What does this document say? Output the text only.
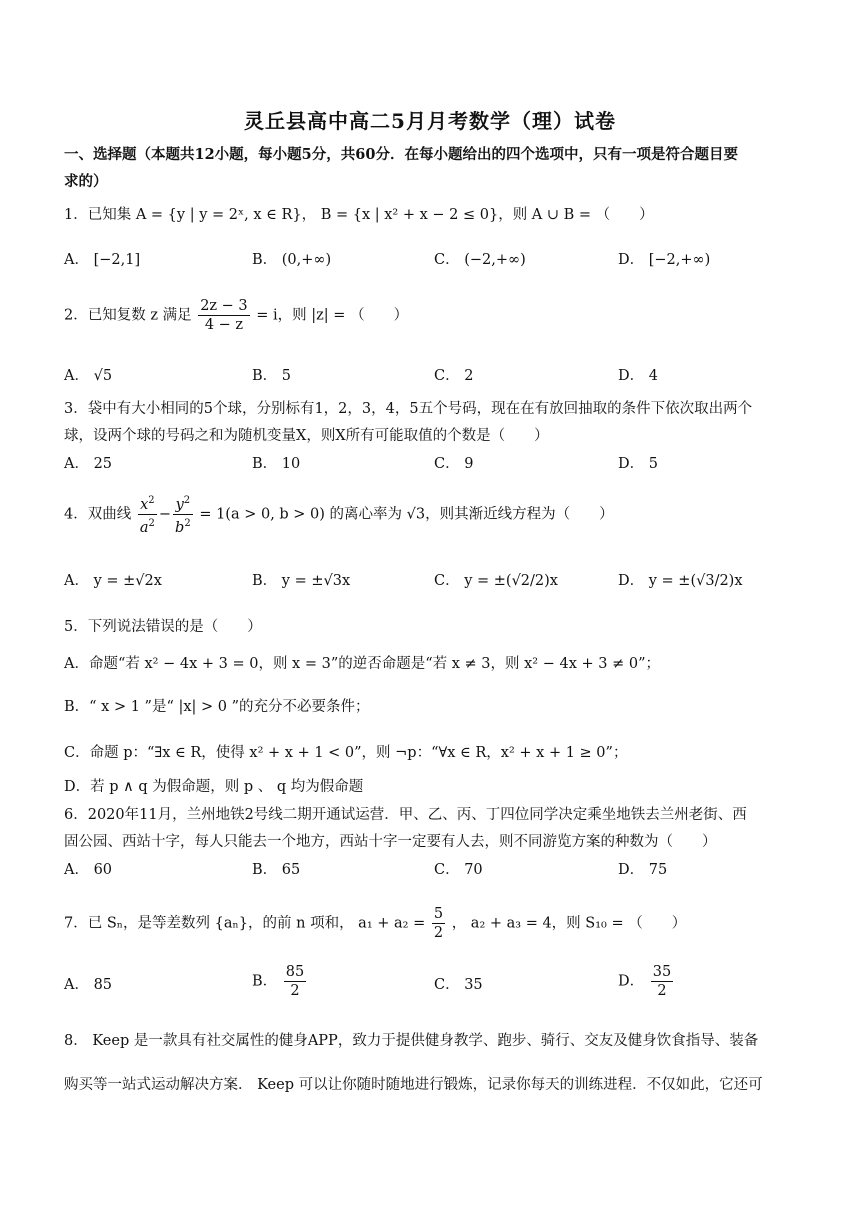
灵丘县高中高二5月月考数学（理）试卷
一、选择题（本题共12小题，每小题5分，共60分．在每小题给出的四个选项中，只有一项是符合题目要
求的）
1．已知集 A = {y | y = 2ˣ, x ∈ R}， B = {x | x² + x − 2 ≤ 0}，则 A ∪ B = （　　）
A． [−2,1]	B． (0,+∞)	C． (−2,+∞)	D． [−2,+∞)
2．已知复数 z 满足 $\frac{2z - 3}{4 - z} = i$，则 |z| = （　　）
A． √5	B． 5	C． 2	D． 4
3．袋中有大小相同的5个球，分别标有1，2，3，4，5五个号码，现在在有放回抽取的条件下依次取出两个
球，设两个球的号码之和为随机变量X，则X所有可能取值的个数是（　　）
A． 25	B． 10	C． 9	D． 5
4．双曲线 $\frac{x^2}{a^2} - \frac{y^2}{b^2} = 1(a > 0$, b > 0) 的离心率为 √3，则其渐近线方程为（　　）
A． y = ±√2x	B． y = ±√3x	C． y = ±(√2/2)x	D． y = ±(√3/2)x
5．下列说法错误的是（　　）
A．命题“若 x² − 4x + 3 = 0，则 x = 3”的逆否命题是“若 x ≠ 3，则 x² − 4x + 3 ≠ 0”；
B．“ x > 1 ”是“ |x| > 0 ”的充分不必要条件；
C．命题 p：“∃x ∈ R，使得 x² + x + 1 < 0”，则 ¬p：“∀x ∈ R，x² + x + 1 ≥ 0”；
D．若 p ∧ q 为假命题，则 p 、 q 均为假命题
6．2020年11月，兰州地铁2号线二期开通试运营．甲、乙、丙、丁四位同学决定乘坐地铁去兰州老街、西
固公园、西站十字，每人只能去一个地方，西站十字一定要有人去，则不同游览方案的种数为（　　）
A． 60	B． 65	C． 70	D． 75
7．已 Sₙ，是等差数列 {aₙ}，的前 n 项和， $a_1 + a_2 = \frac{5}{2}$ ， a₂ + a₃ = 4，则 S₁₀ = （　　）
A． 85	B． $\frac{85}{2}$	C． 35	D． $\frac{35}{2}$
8． Keep 是一款具有社交属性的健身APP，致力于提供健身教学、跑步、骑行、交友及健身饮食指导、装备
购买等一站式运动解决方案． Keep 可以让你随时随地进行锻炼，记录你每天的训练进程．不仅如此，它还可
